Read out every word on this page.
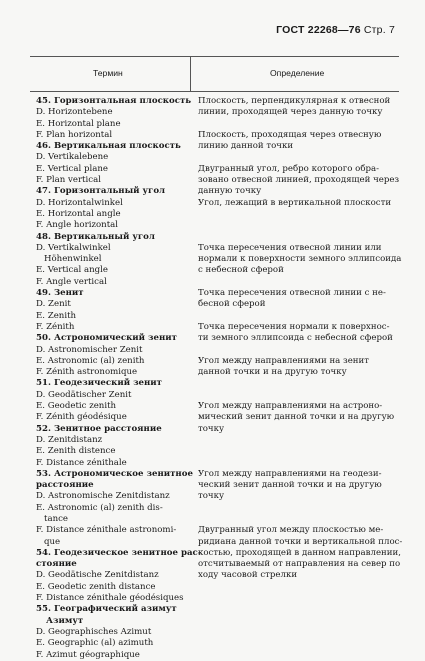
ГОСТ 22268—76 Стр. 7
Термин	Определение
45. Горизонтальная плоскость
D. Horizontebene
E. Horizontal plane
F. Plan horizontal
46. Вертикальная плоскость
D. Vertikalebene
E. Vertical plane
F. Plan vertical
47. Горизонтальный угол
D. Horizontalwinkel
E. Horizontal angle
F. Angle horizontal
48. Вертикальный угол
D. Vertikalwinkel
Höhenwinkel
E. Vertical angle
F. Angle vertical
49. Зенит
D. Zenit
E. Zenith
F. Zénith
50. Астрономический зенит
D. Astronomischer Zenit
E. Astronomic (al) zenith
F. Zénith astronomique
51. Геодезический зенит
D. Geodätischer Zenit
E. Geodetic zenith
F. Zénith géodésique
52. Зенитное расстояние
D. Zenitdistanz
E. Zenith distence
F. Distance zénithale
53. Астрономическое зенитное
расстояние
D. Astronomische Zenitdistanz
E. Astronomic (al) zenith dis-
tance
F. Distance zénithale astronomi-
que
54. Геодезическое зенитное рас-
стояние
D. Geodätische Zenitdistanz
E. Geodetic zenith distance
F. Distance zénithale géodésiques
55. Географический азимут
Азимут
D. Geographisches Azimut
E. Geographic (al) azimuth
F. Azimut géographique
Плоскость, перпендикулярная к отвесной
линии, проходящей через данную точку
Плоскость, проходящая через отвесную
линию данной точки
Двугранный угол, ребро которого обра-
зовано отвесной линией, проходящей через
данную точку
Угол, лежащий в вертикальной плоскости
Точка пересечения отвесной линии или
нормали к поверхности земного эллипсоида
с небесной сферой
Точка пересечения отвесной линии с не-
бесной сферой
Точка пересечения нормали к поверхнос-
ти земного эллипсоида с небесной сферой
Угол между направлениями на зенит
данной точки и на другую точку
Угол между направлениями на астроно-
мический зенит данной точки и на другую
точку
Угол между направлениями на геодези-
ческий зенит данной точки и на другую
точку
Двугранный угол между плоскостью ме-
ридиана данной точки и вертикальной плос-
костью, проходящей в данном направлении,
отсчитываемый от направления на север по
ходу часовой стрелки
